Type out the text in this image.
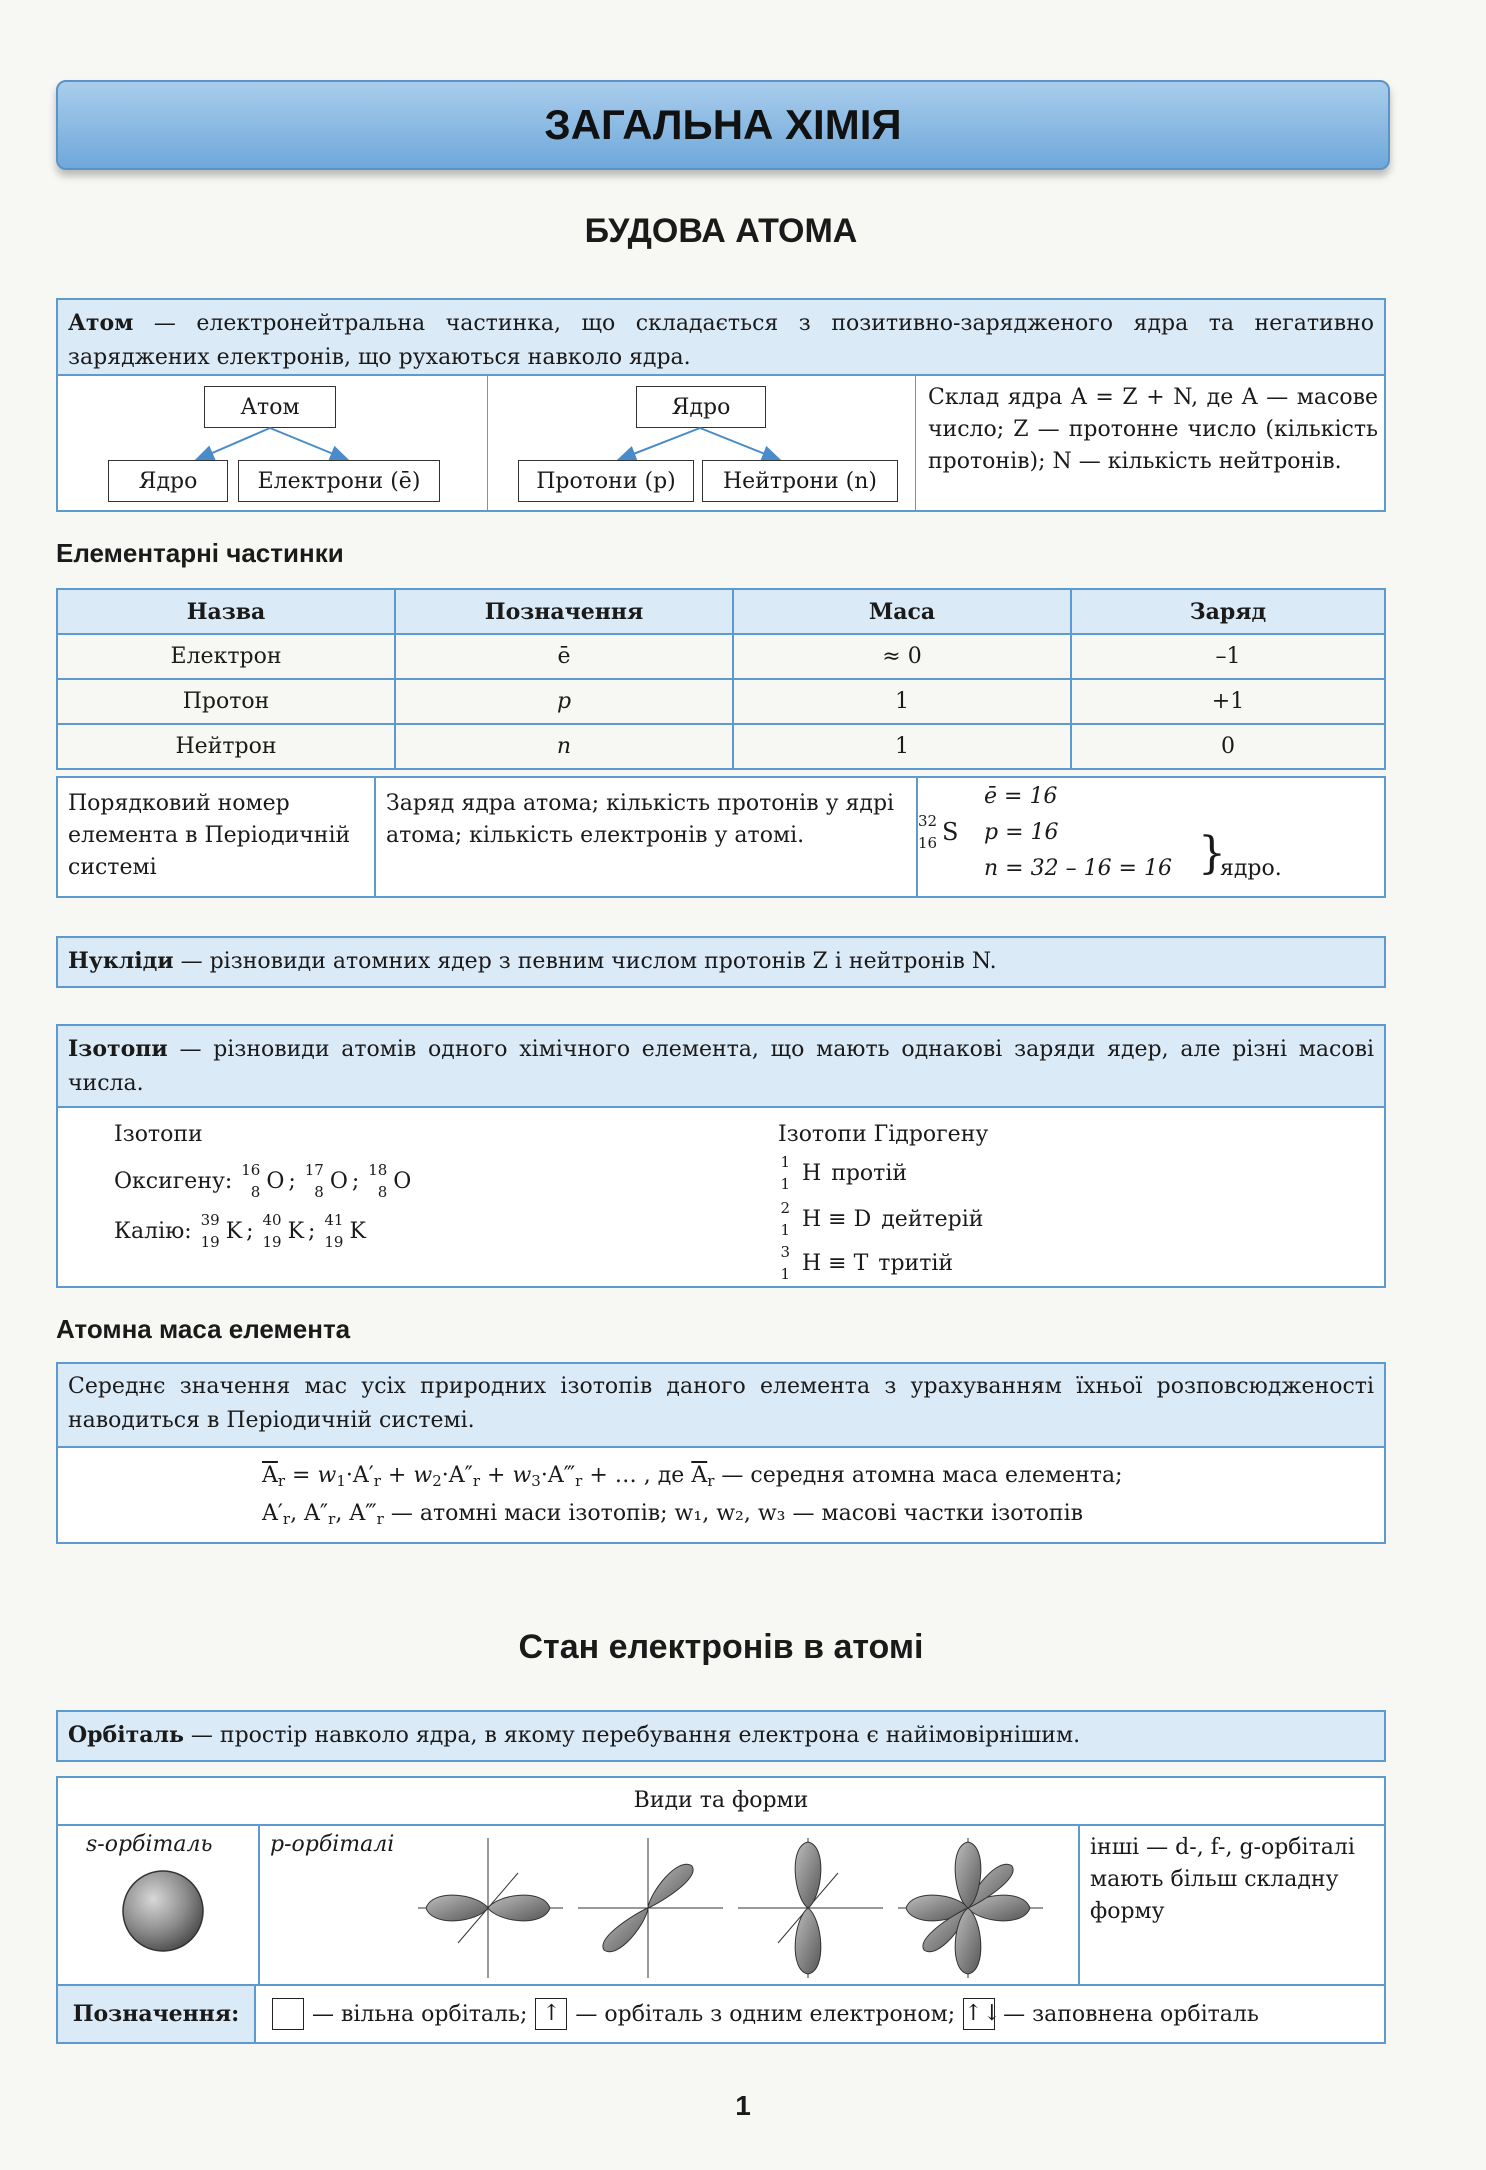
ЗАГАЛЬНА ХІМІЯ
БУДОВА АТОМА
Атом — електронейтральна частинка, що складається з позитивно-зарядженого ядра та негативно заряджених електронів, що рухаються навколо ядра.
Атом
Ядро	Електрони (ē)
Ядро
Протони (p)	Нейтрони (n)
Склад ядра A = Z + N, де A — масове число; Z — протонне число (кількість протонів); N — кількість нейтронів.
Елементарні частинки
Назва	Позначення	Маса	Заряд
Електрон	ē	≈ 0	–1
Протон	p	1	+1
Нейтрон	n	1	0
Порядковий номер елемента в Періодичній системі
Заряд ядра атома; кількість протонів у ядрі атома; кількість електронів у атомі.
32
16 S
ē = 16
p = 16
n = 32 – 16 = 16 }
ядро.
Нукліди — різновиди атомних ядер з певним числом протонів Z і нейтронів N.
Ізотопи — різновиди атомів одного хімічного елемента, що мають однакові заряди ядер, але різні масові числа.
Ізотопи
Оксигену: 16
8 O ; 17
8 O ; 18
8 O
Калію: 39
19 K ; 40
19 K ; 41
19 K
Ізотопи Гідрогену
1
1 H протій
2
1 H ≡ D дейтерій
3
1 H ≡ T тритій
Атомна маса елемента
Середнє значення мас усіх природних ізотопів даного елемента з урахуванням їхньої розповсюдженості наводиться в Періодичній системі.
$\overline{A}_r = w_1\cdot A'_r + w_2\cdot A''_r$ + $w_3\cdot A‴_r$ + … , де $\overline{A}_r$ — середня атомна маса елемента;
$A'_r$, $A''_r$, $A‴_r$ — атомні маси ізотопів; w₁, w₂, w₃ — масові частки ізотопів
Стан електронів в атомі
Орбіталь — простір навколо ядра, в якому перебування електрона є найімовірнішим.
Види та форми
s-орбіталь	p-орбіталі	інші — d-, f-, g-орбіталі мають більш складну форму
Позначення:	— вільна орбіталь; ↑ — орбіталь з одним електроном; ↑↓ — заповнена орбіталь
1
